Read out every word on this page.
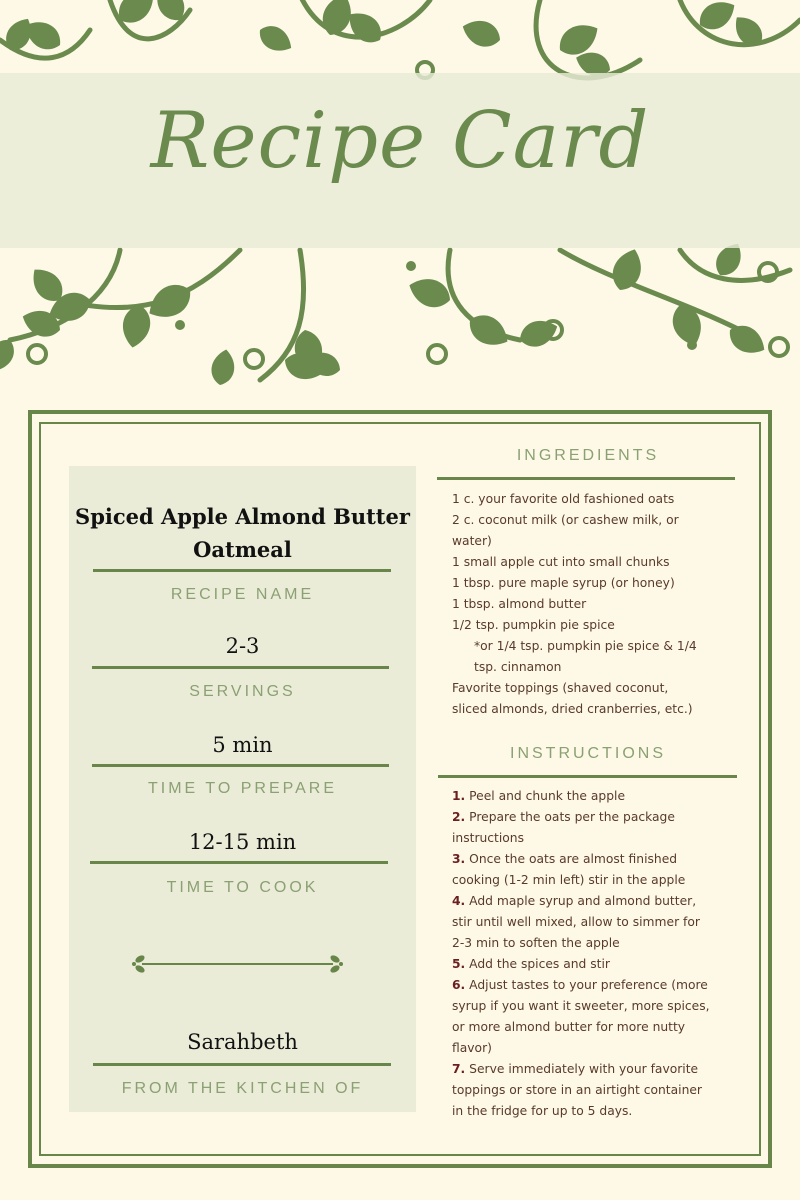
Recipe Card
Spiced Apple Almond Butter Oatmeal
RECIPE NAME
2-3
SERVINGS
5 min
TIME TO PREPARE
12-15 min
TIME TO COOK
Sarahbeth
FROM THE KITCHEN OF
INGREDIENTS
1 c. your favorite old fashioned oats
2 c. coconut milk (or cashew milk, or
water)
1 small apple cut into small chunks
1 tbsp. pure maple syrup (or honey)
1 tbsp. almond butter
1/2 tsp. pumpkin pie spice
*or 1/4 tsp. pumpkin pie spice & 1/4
tsp. cinnamon
Favorite toppings (shaved coconut,
sliced almonds, dried cranberries, etc.)
INSTRUCTIONS
1. Peel and chunk the apple
2. Prepare the oats per the package
instructions
3. Once the oats are almost finished
cooking (1-2 min left) stir in the apple
4. Add maple syrup and almond butter,
stir until well mixed, allow to simmer for
2-3 min to soften the apple
5. Add the spices and stir
6. Adjust tastes to your preference (more
syrup if you want it sweeter, more spices,
or more almond butter for more nutty
flavor)
7. Serve immediately with your favorite
toppings or store in an airtight container
in the fridge for up to 5 days.
